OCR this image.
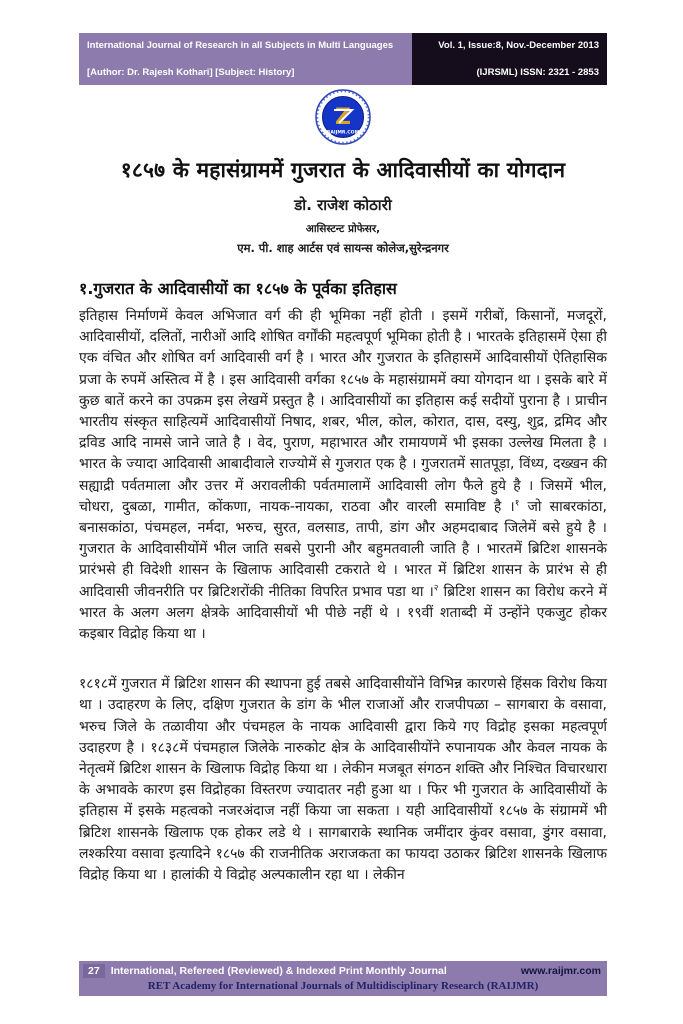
International Journal of Research in all Subjects in Multi Languages
[Author: Dr. Rajesh Kothari] [Subject: History]
Vol. 1, Issue:8, Nov.-December 2013
(IJRSML) ISSN: 2321 - 2853
Z
RAIJMR.COM
१८५७ के महासंग्राममें गुजरात के आदिवासीयों का योगदान
डो. राजेश कोठारी
आसिस्टन्ट प्रोफेसर,
एम. पी. शाह आर्टस एवं सायन्स कोलेज,सुरेन्द्रनगर
१.गुजरात के आदिवासीयों का १८५७ के पूर्वका इतिहास
इतिहास निर्माणमें केवल अभिजात वर्ग की ही भूमिका नहीं होती । इसमें गरीबों, किसानों, मजदूरों, आदिवासीयों, दलितों, नारीओं आदि शोषित वर्गोंकी महत्वपूर्ण भूमिका होती है । भारतके इतिहासमें ऐसा ही एक वंचित और शोषित वर्ग आदिवासी वर्ग है । भारत और गुजरात के इतिहासमें आदिवासीयों ऐतिहासिक प्रजा के रुपमें अस्तित्व में है । इस आदिवासी वर्गका १८५७ के महासंग्राममें क्या योगदान था । इसके बारे में कुछ बातें करने का उपक्रम इस लेखमें प्रस्तुत है । आदिवासीयों का इतिहास कई सदीयों पुराना है । प्राचीन भारतीय संस्कृत साहित्यमें आदिवासीयों निषाद, शबर, भील, कोल, कोरात, दास, दस्यु, शुद्र, द्रमिद और द्रविड आदि नामसे जाने जाते है । वेद, पुराण, महाभारत और रामायणमें भी इसका उल्लेख मिलता है । भारत के ज्यादा आदिवासी आबादीवाले राज्योमें से गुजरात एक है । गुजरातमें सातपूड़ा, विंध्य, दख्खन की सह्याद्री पर्वतमाला और उत्तर में अरावलीकी पर्वतमालामें आदिवासी लोग फैले हुये है । जिसमें भील, चोधरा, दुबळा, गामीत, कोंकणा, नायक-नायका, राठवा और वारली समाविष्ट है ।$^१$ जो साबरकांठा, बनासकांठा, पंचमहल, नर्मदा, भरुच, सुरत, वलसाड, तापी, डांग और अहमदाबाद जिलेमें बसे हुये है । गुजरात के आदिवासीयोंमें भील जाति सबसे पुरानी और बहुमतवाली जाति है । भारतमें ब्रिटिश शासनके प्रारंभसे ही विदेशी शासन के खिलाफ आदिवासी टकराते थे । भारत में ब्रिटिश शासन के प्रारंभ से ही आदिवासी जीवनरीति पर ब्रिटिशरोंकी नीतिका विपरित प्रभाव पडा था ।$^२$ ब्रिटिश शासन का विरोध करने में भारत के अलग अलग क्षेत्रके आदिवासीयों भी पीछे नहीं थे । १९वीं शताब्दी में उन्होंने एकजुट होकर कइबार विद्रोह किया था ।
१८१८में गुजरात में ब्रिटिश शासन की स्थापना हुई तबसे आदिवासीयोंने विभिन्न कारणसे हिंसक विरोध किया था । उदाहरण के लिए, दक्षिण गुजरात के डांग के भील राजाओं और राजपीपळा – सागबारा के वसावा, भरुच जिले के तळावीया और पंचमहल के नायक आदिवासी द्वारा किये गए विद्रोह इसका महत्वपूर्ण उदाहरण है । १८३८में पंचमहाल जिलेके नारुकोट क्षेत्र के आदिवासीयोंने रुपानायक और केवल नायक के नेतृत्वमें ब्रिटिश शासन के खिलाफ विद्रोह किया था । लेकीन मजबूत संगठन शक्ति और निश्चित विचारधारा के अभावके कारण इस विद्रोहका विस्तरण ज्यादातर नही हुआ था । फिर भी गुजरात के आदिवासीयों के इतिहास में इसके महत्वको नजरअंदाज नहीं किया जा सकता । यही आदिवासीयों १८५७ के संग्राममें भी ब्रिटिश शासनके खिलाफ एक होकर लडे थे । सागबाराके स्थानिक जमींदार कुंवर वसावा, डुंगर वसावा, लश्करिया वसावा इत्यादिने १८५७ की राजनीतिक अराजकता का फायदा उठाकर ब्रिटिश शासनके खिलाफ विद्रोह किया था । हालांकी ये विद्रोह अल्पकालीन रहा था । लेकीन
27	International, Refereed (Reviewed) & Indexed Print Monthly Journal	www.raijmr.com
RET Academy for International Journals of Multidisciplinary Research (RAIJMR)
